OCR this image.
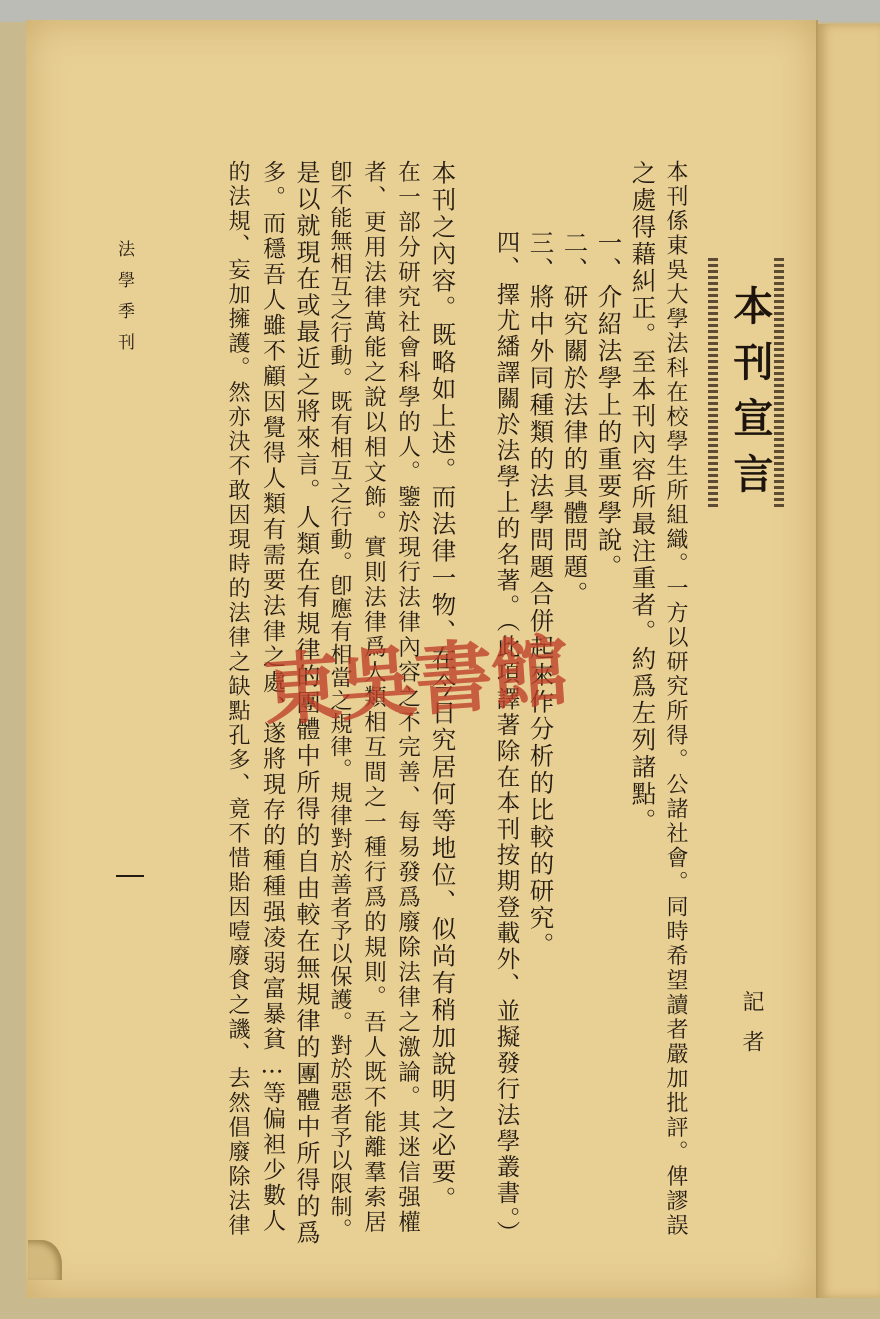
本刊宣言
記者
本刊係東吳大學法科在校學生所組織。一方以研究所得。公諸社會。同時希望讀者嚴加批評。俾謬誤
之處得藉糾正。至本刊內容所最注重者。約爲左列諸點。
一、介紹法學上的重要學說。
二、研究關於法律的具體問題。
三、將中外同種類的法學問題合併起來作分析的比較的研究。
四、擇尤繙譯關於法學上的名著。（此項譯著除在本刊按期登載外、並擬發行法學叢書。）
本刊之內容。既略如上述。而法律一物、在今日究居何等地位、似尚有稍加說明之必要。
在一部分研究社會科學的人。鑒於現行法律內容之不完善、每易發爲廢除法律之激論。其迷信强權
者、更用法律萬能之說以相文飾。實則法律爲人類相互間之一種行爲的規則。吾人既不能離羣索居
卽不能無相互之行動。既有相互之行動。卽應有相當之規律。規律對於善者予以保護。對於惡者予以限制。
是以就現在或最近之將來言。人類在有規律的團體中所得的自由較在無規律的團體中所得的爲
多。而穩吾人雖不顧因覺得人類有需要法律之處、遂將現存的種種强凌弱富暴貧…等偏袒少數人
的法規、妄加擁護。然亦決不敢因現時的法律之缺點孔多、竟不惜貽因噎廢食之譏、去然倡廢除法律
法學季刊
東吳書館
